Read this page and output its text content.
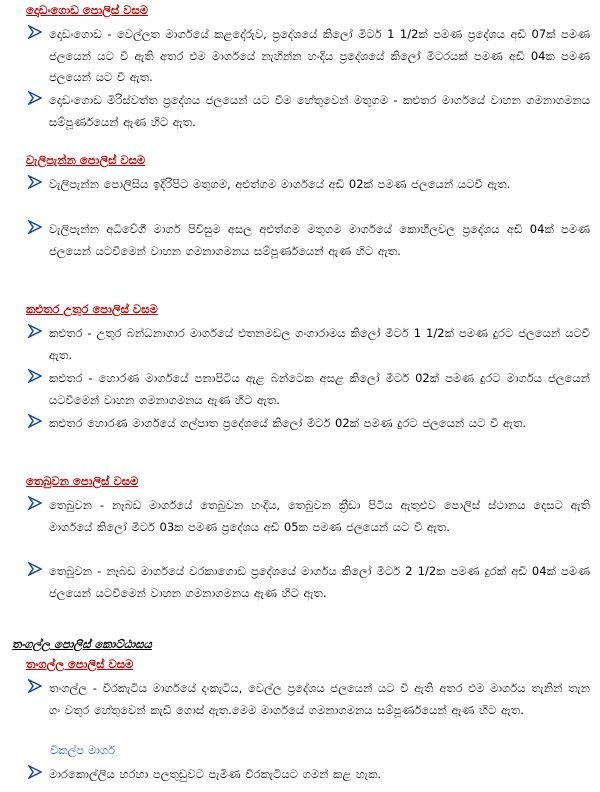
දොඩංගොඩ පොලිස් වසම

දොඩංගොඩ - වෙල්ලත මාර්ගයේ කළදෝරුව, ප්‍රදේශයේ කිලෝ මීටර් 1 1/2ක් පමණ ප්‍රදේශය අඩි 07ක් පමණ ජලයෙන් යට වී ඇති අතර එම මාර්ගයේ නැහින්න හංදිය ප්‍රදේශයේ කිලෝ මීටරයක් පමණ අඩි 04ක පමණ ජලයෙන් යට වී ඇත.

දොඩංගොඩ මිරිස්වත්ත ප්‍රදේශය ජලයෙන් යට වීම හේතුවෙන් මතුගම - කළුතර මාර්ගයේ වාහන ගමනාගමනය සම්පූර්ණයෙන් ඇණ හිට ඇත.

වැලිපැන්න පොලිස් වසම

වැලිපැන්න පොලිසිය ඉදිරිපිට මතුගම, අළුත්ගම මාර්ගයේ අඩි 02ක් පමණ ජලයෙන් යටවී ඇත.

වැලිපැන්න අධිවේගී මාර්ග පිවිසුම අසල අළුත්ගම මතුගම මාර්ගයේ කොහිලවල ප්‍රදේශය අඩි 04ක් පමණ ජලයෙන් යටවීමෙන් වාහන ගමනාගමනය සම්පූර්ණයෙන් ඇණ හිට ඇත.

කළුතර උතුර පොලිස් වසම

කළුතර - උතුර බන්ධනාගාර මාර්ගයේ එතනමඩල ගංගාරාමය කිලෝ මීටර් 1 1/2ක් පමණ දුරට ජලයෙන් යටවී ඇත.

කළුතර - හොරණ මාර්ගයේ පනාපිටිය ඇළ බන්ටෙක අසළ කිලෝ මීටර් 02ක් පමණ දුරට මාර්ගය ජලයෙන් යටවීමෙන් වාහන ගමනාගමනය ඇණ හිට ඇත.

කළුතර හොරණ මාර්ගයේ ගල්පාත ප්‍රදේශයේ කිලෝ මීටර් 02ක් පමණ දුරට ජලයෙන් යට වී ඇත.

තෙබුවන පොලිස් වසම

තෙබුවන - නෑබඩ මාර්ගයේ තෙබුවන හංදිය, තෙබුවන ක්‍රීඩා පිටිය ඇතුළුව පොලිස් ස්ථානය දෙසට ඇති මාර්ගයේ කිලෝ මීටර් 03ක පමණ ප්‍රදේශය අඩි 05ක පමණ ජලයෙන් යට වී ඇත.

තෙබුවන - නෑබඩ මාර්ගයේ වරකාගොඩ ප්‍රදේශයේ මාර්ගය කිලෝ මීටර් 2 1/2ක පමණ දුරක් අඩි 04ක් පමණ ජලයෙන් යටවීමෙන් වාහන ගමනාගමනය ඇණ හිට ඇත.

තංගල්ල පොලිස් කොට්ඨාසය
තංගල්ල පොලිස් වසම

තංගල්ල - වීරකැටිය මාර්ගයේ දංකැටිය, වෙල්ල ප්‍රදේශය ජලයෙන් යට වී ඇති අතර එම මාර්ගය තැනින් තැන ගං වතුර හේතුවෙන් කැඩී ගොස් ඇත.මෙම මාර්ගයේ ගමනාගමනය සම්පූර්ණයෙන් ඇණ හිට ඇත.

විකල්ප මාර්ග

මාරකොල්ලිය හරහා පලතුඩුවට පැමිණ වීරකැටියට ගමන් කළ හැක.
